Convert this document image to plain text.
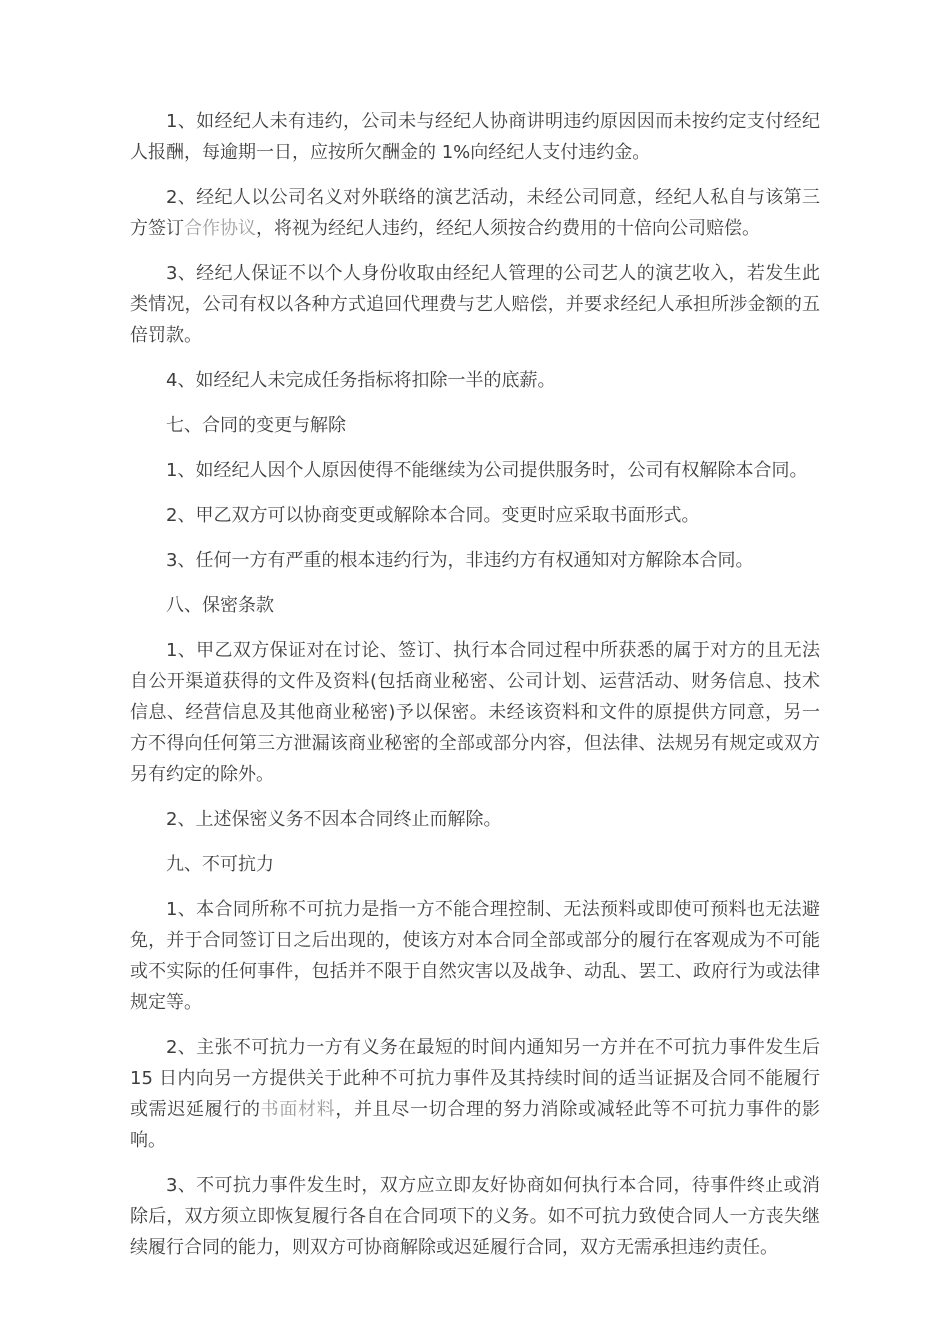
1、如经纪人未有违约，公司未与经纪人协商讲明违约原因因而未按约定支付经纪人报酬，每逾期一日，应按所欠酬金的 1%向经纪人支付违约金。

2、经纪人以公司名义对外联络的演艺活动，未经公司同意，经纪人私自与该第三方签订合作协议，将视为经纪人违约，经纪人须按合约费用的十倍向公司赔偿。

3、经纪人保证不以个人身份收取由经纪人管理的公司艺人的演艺收入，若发生此类情况，公司有权以各种方式追回代理费与艺人赔偿，并要求经纪人承担所涉金额的五倍罚款。

4、如经纪人未完成任务指标将扣除一半的底薪。

七、合同的变更与解除

1、如经纪人因个人原因使得不能继续为公司提供服务时，公司有权解除本合同。

2、甲乙双方可以协商变更或解除本合同。变更时应采取书面形式。

3、任何一方有严重的根本违约行为，非违约方有权通知对方解除本合同。

八、保密条款

1、甲乙双方保证对在讨论、签订、执行本合同过程中所获悉的属于对方的且无法自公开渠道获得的文件及资料(包括商业秘密、公司计划、运营活动、财务信息、技术信息、经营信息及其他商业秘密)予以保密。未经该资料和文件的原提供方同意，另一方不得向任何第三方泄漏该商业秘密的全部或部分内容，但法律、法规另有规定或双方另有约定的除外。

2、上述保密义务不因本合同终止而解除。

九、不可抗力

1、本合同所称不可抗力是指一方不能合理控制、无法预料或即使可预料也无法避免，并于合同签订日之后出现的，使该方对本合同全部或部分的履行在客观成为不可能或不实际的任何事件，包括并不限于自然灾害以及战争、动乱、罢工、政府行为或法律规定等。

2、主张不可抗力一方有义务在最短的时间内通知另一方并在不可抗力事件发生后 15 日内向另一方提供关于此种不可抗力事件及其持续时间的适当证据及合同不能履行或需迟延履行的书面材料，并且尽一切合理的努力消除或减轻此等不可抗力事件的影响。

3、不可抗力事件发生时，双方应立即友好协商如何执行本合同，待事件终止或消除后，双方须立即恢复履行各自在合同项下的义务。如不可抗力致使合同人一方丧失继续履行合同的能力，则双方可协商解除或迟延履行合同，双方无需承担违约责任。
